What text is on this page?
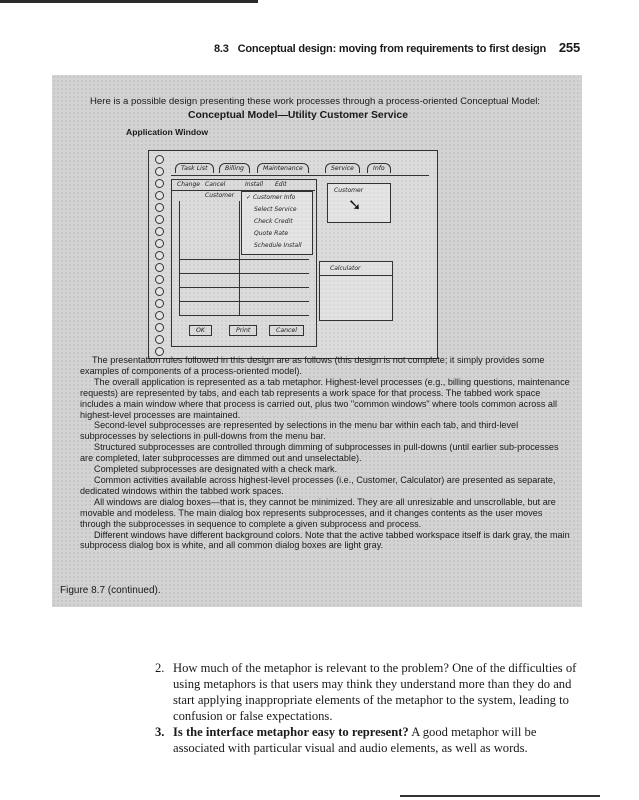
8.3 Conceptual design: moving from requirements to first design 255
Here is a possible design presenting these work processes through a process-oriented Conceptual Model:
Conceptual Model—Utility Customer Service
Application Window
Task List	Billing	Maintenance	Service	Info
Change Cancel	Install Edit
Customer ✓ Customer Info
Select Service
Check Credit
Quote Rate
Schedule Install
OK	Print	Cancel
Customer
➘
Calculator

The presentation rules followed in this design are as follows (this design is not complete; it simply provides some examples of components of a process-oriented model).

The overall application is represented as a tab metaphor. Highest-level processes (e.g., billing questions, maintenance requests) are represented by tabs, and each tab represents a work space for that process. The tabbed work space includes a main window where that process is carried out, plus two "common windows" where tools common across all highest-level processes are maintained.

Second-level subprocesses are represented by selections in the menu bar within each tab, and third-level subprocesses by selections in pull-downs from the menu bar.

Structured subprocesses are controlled through dimming of subprocesses in pull-downs (until earlier sub-processes are completed, later subprocesses are dimmed out and unselectable).

Completed subprocesses are designated with a check mark.

Common activities available across highest-level processes (i.e., Customer, Calculator) are presented as separate, dedicated windows within the tabbed work spaces.

All windows are dialog boxes—that is, they cannot be minimized. They are all unresizable and unscrollable, but are movable and modeless. The main dialog box represents subprocesses, and it changes contents as the user moves through the subprocesses in sequence to complete a given subprocess and process.

Different windows have different background colors. Note that the active tabbed workspace itself is dark gray, the main subprocess dialog box is white, and all common dialog boxes are light gray.

Figure 8.7 (continued).
2. How much of the metaphor is relevant to the problem? One of the difficulties of using metaphors is that users may think they understand more than they do and start applying inappropriate elements of the metaphor to the system, leading to confusion or false expectations.
3. Is the interface metaphor easy to represent? A good metaphor will be associated with particular visual and audio elements, as well as words.
